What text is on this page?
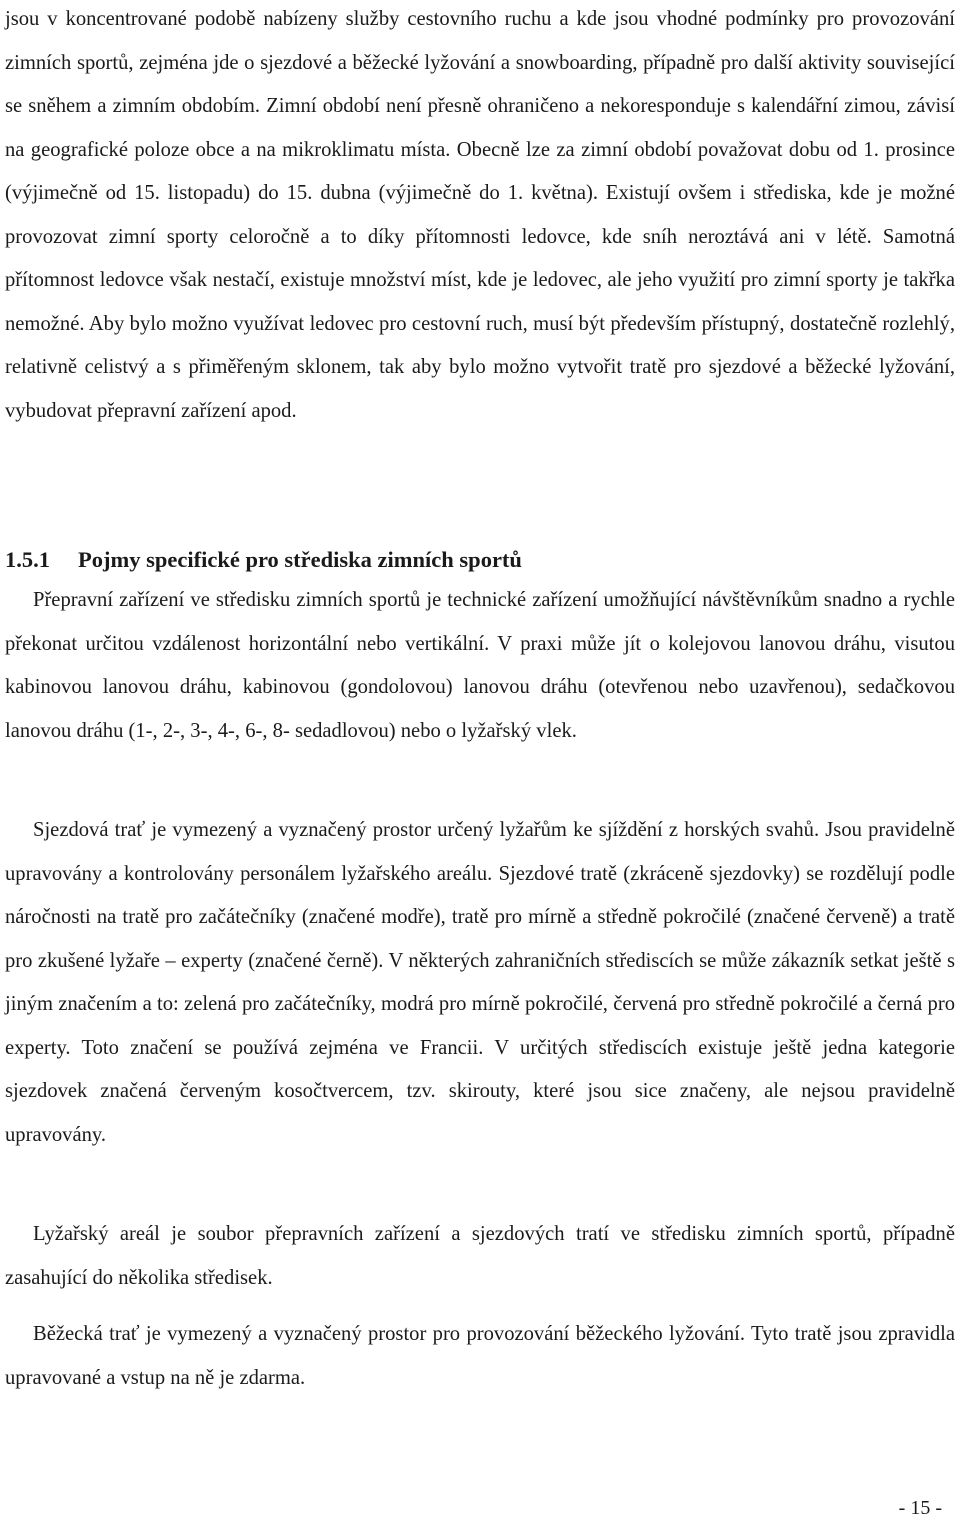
jsou v koncentrované podobě nabízeny služby cestovního ruchu a kde jsou vhodné podmínky pro provozování zimních sportů, zejména jde o sjezdové a běžecké lyžování a snowboarding, případně pro další aktivity související se sněhem a zimním obdobím. Zimní období není přesně ohraničeno a nekoresponduje s kalendářní zimou, závisí na geografické poloze obce a na mikroklimatu místa. Obecně lze za zimní období považovat dobu od 1. prosince (výjimečně od 15. listopadu) do 15. dubna (výjimečně do 1. května). Existují ovšem i střediska, kde je možné provozovat zimní sporty celoročně a to díky přítomnosti ledovce, kde sníh neroztává ani v létě. Samotná přítomnost ledovce však nestačí, existuje množství míst, kde je ledovec, ale jeho využití pro zimní sporty je takřka nemožné. Aby bylo možno využívat ledovec pro cestovní ruch, musí být především přístupný, dostatečně rozlehlý, relativně celistvý a s přiměřeným sklonem, tak aby bylo možno vytvořit tratě pro sjezdové a běžecké lyžování, vybudovat přepravní zařízení apod.

1.5.1 Pojmy specifické pro střediska zimních sportů

Přepravní zařízení ve středisku zimních sportů je technické zařízení umožňující návštěvníkům snadno a rychle překonat určitou vzdálenost horizontální nebo vertikální. V praxi může jít o kolejovou lanovou dráhu, visutou kabinovou lanovou dráhu, kabinovou (gondolovou) lanovou dráhu (otevřenou nebo uzavřenou), sedačkovou lanovou dráhu (1-, 2-, 3-, 4-, 6-, 8- sedadlovou) nebo o lyžařský vlek.

Sjezdová trať je vymezený a vyznačený prostor určený lyžařům ke sjíždění z horských svahů. Jsou pravidelně upravovány a kontrolovány personálem lyžařského areálu. Sjezdové tratě (zkráceně sjezdovky) se rozdělují podle náročnosti na tratě pro začátečníky (značené modře), tratě pro mírně a středně pokročilé (značené červeně) a tratě pro zkušené lyžaře – experty (značené černě). V některých zahraničních střediscích se může zákazník setkat ještě s jiným značením a to: zelená pro začátečníky, modrá pro mírně pokročilé, červená pro středně pokročilé a černá pro experty. Toto značení se používá zejména ve Francii. V určitých střediscích existuje ještě jedna kategorie sjezdovek značená červeným kosočtvercem, tzv. skirouty, které jsou sice značeny, ale nejsou pravidelně upravovány.

Lyžařský areál je soubor přepravních zařízení a sjezdových tratí ve středisku zimních sportů, případně zasahující do několika středisek.

Běžecká trať je vymezený a vyznačený prostor pro provozování běžeckého lyžování. Tyto tratě jsou zpravidla upravované a vstup na ně je zdarma.

- 15 -
